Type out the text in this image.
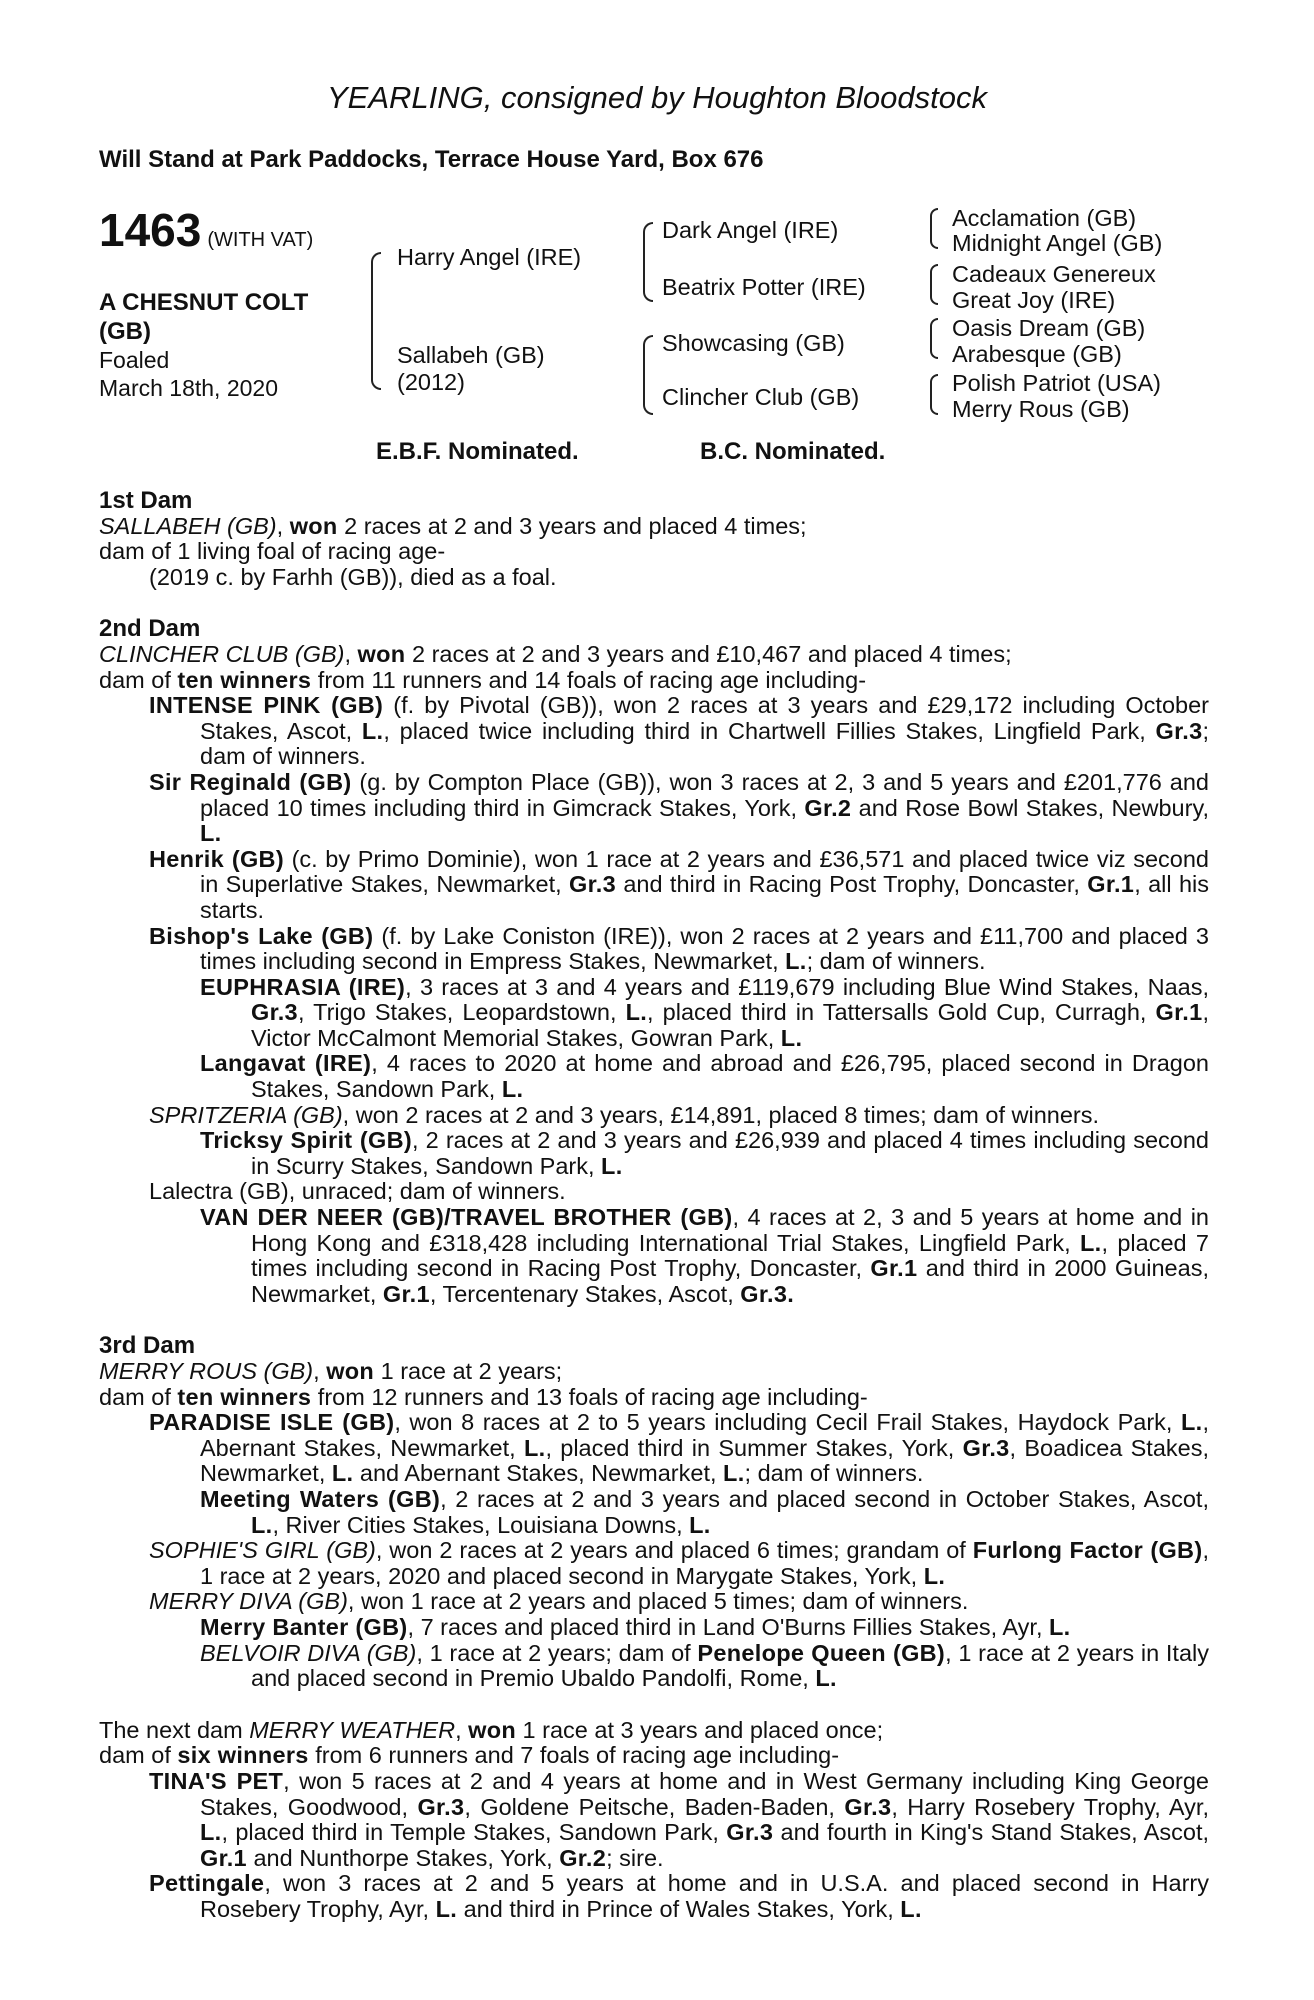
YEARLING, consigned by Houghton Bloodstock
Will Stand at Park Paddocks, Terrace House Yard, Box 676
1463 (WITH VAT)
A CHESNUT COLT
(GB)
Foaled
March 18th, 2020
Harry Angel (IRE)
Sallabeh (GB)
(2012)
Dark Angel (IRE)
Beatrix Potter (IRE)
Showcasing (GB)
Clincher Club (GB)
Acclamation (GB)
Midnight Angel (GB)
Cadeaux Genereux
Great Joy (IRE)
Oasis Dream (GB)
Arabesque (GB)
Polish Patriot (USA)
Merry Rous (GB)
E.B.F. Nominated.	B.C. Nominated.
1st Dam

SALLABEH (GB), won 2 races at 2 and 3 years and placed 4 times;

dam of 1 living foal of racing age-

(2019 c. by Farhh (GB)), died as a foal.

2nd Dam

CLINCHER CLUB (GB), won 2 races at 2 and 3 years and £10,467 and placed 4 times;

dam of ten winners from 11 runners and 14 foals of racing age including-

INTENSE PINK (GB) (f. by Pivotal (GB)), won 2 races at 3 years and £29,172 including October Stakes, Ascot, L., placed twice including third in Chartwell Fillies Stakes, Lingfield Park, Gr.3; dam of winners.

Sir Reginald (GB) (g. by Compton Place (GB)), won 3 races at 2, 3 and 5 years and £201,776 and placed 10 times including third in Gimcrack Stakes, York, Gr.2 and Rose Bowl Stakes, Newbury, L.

Henrik (GB) (c. by Primo Dominie), won 1 race at 2 years and £36,571 and placed twice viz second in Superlative Stakes, Newmarket, Gr.3 and third in Racing Post Trophy, Doncaster, Gr.1, all his starts.

Bishop's Lake (GB) (f. by Lake Coniston (IRE)), won 2 races at 2 years and £11,700 and placed 3 times including second in Empress Stakes, Newmarket, L.; dam of winners.

EUPHRASIA (IRE), 3 races at 3 and 4 years and £119,679 including Blue Wind Stakes, Naas, Gr.3, Trigo Stakes, Leopardstown, L., placed third in Tattersalls Gold Cup, Curragh, Gr.1, Victor McCalmont Memorial Stakes, Gowran Park, L.

Langavat (IRE), 4 races to 2020 at home and abroad and £26,795, placed second in Dragon Stakes, Sandown Park, L.

SPRITZERIA (GB), won 2 races at 2 and 3 years, £14,891, placed 8 times; dam of winners.

Tricksy Spirit (GB), 2 races at 2 and 3 years and £26,939 and placed 4 times including second in Scurry Stakes, Sandown Park, L.

Lalectra (GB), unraced; dam of winners.

VAN DER NEER (GB)/TRAVEL BROTHER (GB), 4 races at 2, 3 and 5 years at home and in Hong Kong and £318,428 including International Trial Stakes, Lingfield Park, L., placed 7 times including second in Racing Post Trophy, Doncaster, Gr.1 and third in 2000 Guineas, Newmarket, Gr.1, Tercentenary Stakes, Ascot, Gr.3.

3rd Dam

MERRY ROUS (GB), won 1 race at 2 years;

dam of ten winners from 12 runners and 13 foals of racing age including-

PARADISE ISLE (GB), won 8 races at 2 to 5 years including Cecil Frail Stakes, Haydock Park, L., Abernant Stakes, Newmarket, L., placed third in Summer Stakes, York, Gr.3, Boadicea Stakes, Newmarket, L. and Abernant Stakes, Newmarket, L.; dam of winners.

Meeting Waters (GB), 2 races at 2 and 3 years and placed second in October Stakes, Ascot, L., River Cities Stakes, Louisiana Downs, L.

SOPHIE'S GIRL (GB), won 2 races at 2 years and placed 6 times; grandam of Furlong Factor (GB), 1 race at 2 years, 2020 and placed second in Marygate Stakes, York, L.

MERRY DIVA (GB), won 1 race at 2 years and placed 5 times; dam of winners.

Merry Banter (GB), 7 races and placed third in Land O'Burns Fillies Stakes, Ayr, L.

BELVOIR DIVA (GB), 1 race at 2 years; dam of Penelope Queen (GB), 1 race at 2 years in Italy and placed second in Premio Ubaldo Pandolfi, Rome, L.

The next dam MERRY WEATHER, won 1 race at 3 years and placed once;

dam of six winners from 6 runners and 7 foals of racing age including-

TINA'S PET, won 5 races at 2 and 4 years at home and in West Germany including King George Stakes, Goodwood, Gr.3, Goldene Peitsche, Baden-Baden, Gr.3, Harry Rosebery Trophy, Ayr, L., placed third in Temple Stakes, Sandown Park, Gr.3 and fourth in King's Stand Stakes, Ascot, Gr.1 and Nunthorpe Stakes, York, Gr.2; sire.

Pettingale, won 3 races at 2 and 5 years at home and in U.S.A. and placed second in Harry Rosebery Trophy, Ayr, L. and third in Prince of Wales Stakes, York, L.
